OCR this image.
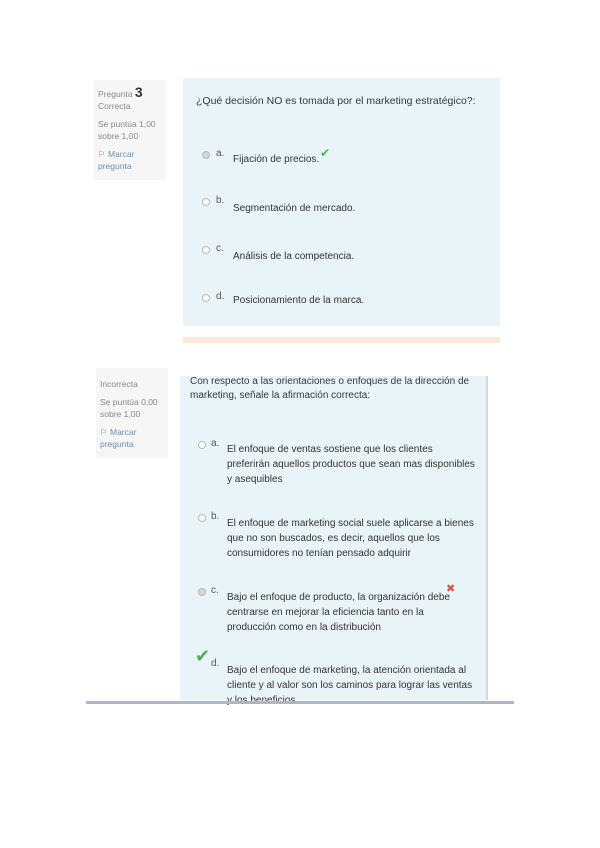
Pregunta 3
Correcta
Se puntúa 1,00
sobre 1,00
⚐ Marcar
pregunta
¿Qué decisión NO es tomada por el marketing estratégico?:
a.
Fijación de precios. ✔
b.
Segmentación de mercado.
c.
Análisis de la competencia.
d. Posicionamiento de la marca.

Incorrecta
Se puntúa 0,00
sobre 1,00
⚐ Marcar
pregunta
Con respecto a las orientaciones o enfoques de la dirección de
marketing, señale la afirmación correcta:
a.
El enfoque de ventas sostiene que los clientes
preferirán aquellos productos que sean mas disponibles
y asequibles
b.
El enfoque de marketing social suele aplicarse a bienes
que no son buscados, es decir, aquellos que los
consumidores no tenían pensado adquirir
c.
Bajo el enfoque de producto, la organización debe
centrarse en mejorar la eficiencia tanto en la
producción como en la distribución
✖
✔ d.
Bajo el enfoque de marketing, la atención orientada al
cliente y al valor son los caminos para lograr las ventas
